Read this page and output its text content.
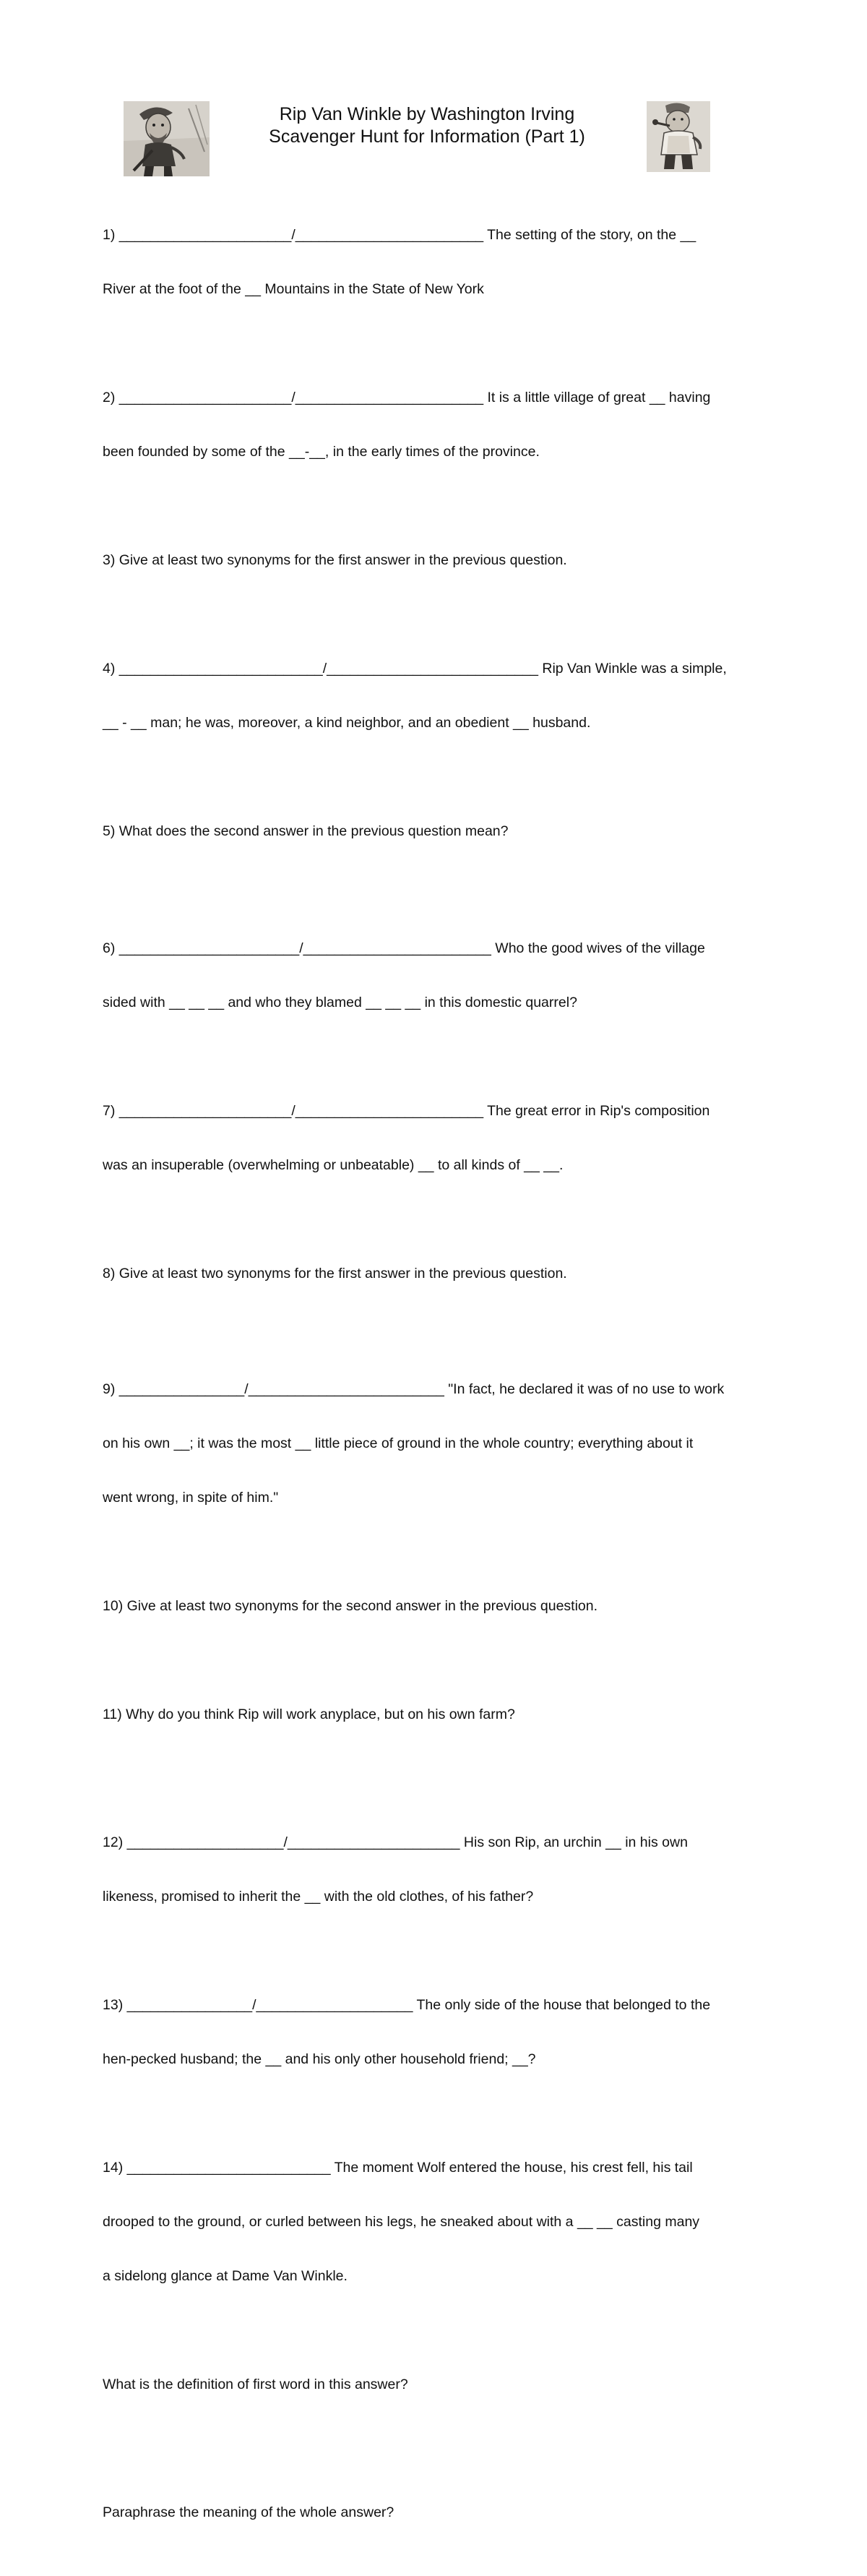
Rip Van Winkle by Washington Irving
Scavenger Hunt for Information (Part 1)

1) ______________________/________________________ The setting of the story, on the __

River at the foot of the __ Mountains in the State of New York

2) ______________________/________________________ It is a little village of great __ having

been founded by some of the __-__, in the early times of the province.

3) Give at least two synonyms for the first answer in the previous question.

4) __________________________/___________________________ Rip Van Winkle was a simple,

__ - __ man; he was, moreover, a kind neighbor, and an obedient __ husband.

5) What does the second answer in the previous question mean?

6) _______________________/________________________ Who the good wives of the village

sided with __ __ __ and who they blamed __ __ __ in this domestic quarrel?

7) ______________________/________________________ The great error in Rip's composition

was an insuperable (overwhelming or unbeatable) __ to all kinds of __ __.

8) Give at least two synonyms for the first answer in the previous question.

9) ________________/_________________________ "In fact, he declared it was of no use to work

on his own __; it was the most __ little piece of ground in the whole country; everything about it

went wrong, in spite of him."

10) Give at least two synonyms for the second answer in the previous question.

11) Why do you think Rip will work anyplace, but on his own farm?

12) ____________________/______________________ His son Rip, an urchin __ in his own

likeness, promised to inherit the __ with the old clothes, of his father?

13) ________________/____________________ The only side of the house that belonged to the

hen-pecked husband; the __ and his only other household friend; __?

14) __________________________ The moment Wolf entered the house, his crest fell, his tail

drooped to the ground, or curled between his legs, he sneaked about with a __ __ casting many

a sidelong glance at Dame Van Winkle.

What is the definition of first word in this answer?

Paraphrase the meaning of the whole answer?
